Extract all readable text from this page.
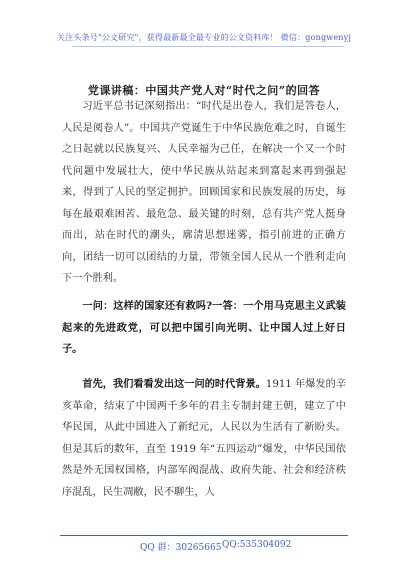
关注头条号"公文研究"，获得最新最全最专业的公文资料库！ 微信：gongwenyj
党课讲稿：中国共产党人对“时代之问”的回答
习近平总书记深刻指出：“时代是出卷人，我们是答卷人，人民是阅卷人”。中国共产党诞生于中华民族危难之时，自诞生之日起就以民族复兴、人民幸福为己任，在解决一个又一个时代问题中发展壮大，使中华民族从站起来到富起来再到强起来，得到了人民的坚定拥护。回顾国家和民族发展的历史，每每在最艰难困苦、最危急、最关键的时刻，总有共产党人挺身而出，站在时代的潮头，廓清思想迷雾，指引前进的正确方向，团结一切可以团结的力量，带领全国人民从一个胜利走向下一个胜利。
一问：这样的国家还有救吗?一答：一个用马克思主义武装起来的先进政党，可以把中国引向光明、让中国人过上好日子。
首先，我们看看发出这一问的时代背景。1911 年爆发的辛亥革命，结束了中国两千多年的君主专制封建王朝，建立了中华民国，从此中国进入了新纪元，人民以为生活有了新盼头。但是其后的数年，直至 1919 年“五四运动”爆发，中华民国依然是外无国权国格，内部军阀混战、政府失能、社会和经济秩序混乱，民生凋敝，民不聊生，人
QQ 群：30265665 QQ:535304092
